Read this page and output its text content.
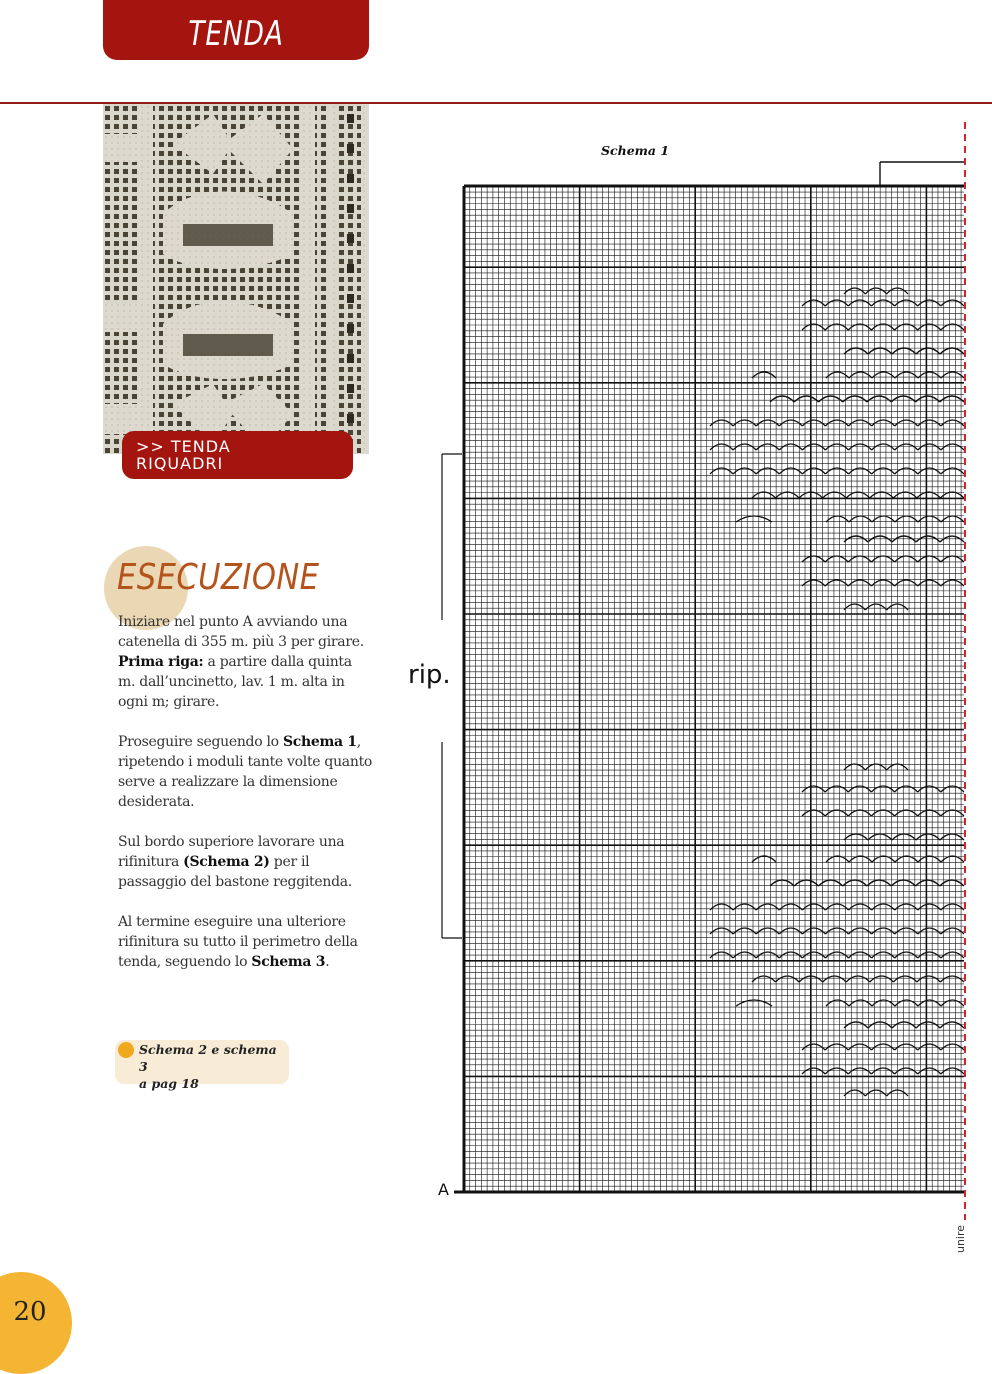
TENDA
>> TENDA
RIQUADRI
ESECUZIONE

Iniziare nel punto A avviando una catenella di 355 m. più 3 per girare.
Prima riga: a partire dalla quinta m. dall’uncinetto, lav. 1 m. alta in ogni m; girare.

Proseguire seguendo lo Schema 1, ripetendo i moduli tante volte quanto serve a realizzare la dimensione desiderata.

Sul bordo superiore lavorare una rifinitura (Schema 2) per il passaggio del bastone reggitenda.

Al termine eseguire una ulteriore rifinitura su tutto il perimetro della tenda, seguendo lo Schema 3.

Schema 2 e schema 3
a pag 18
20
Schema 1
rip.
A
unire
